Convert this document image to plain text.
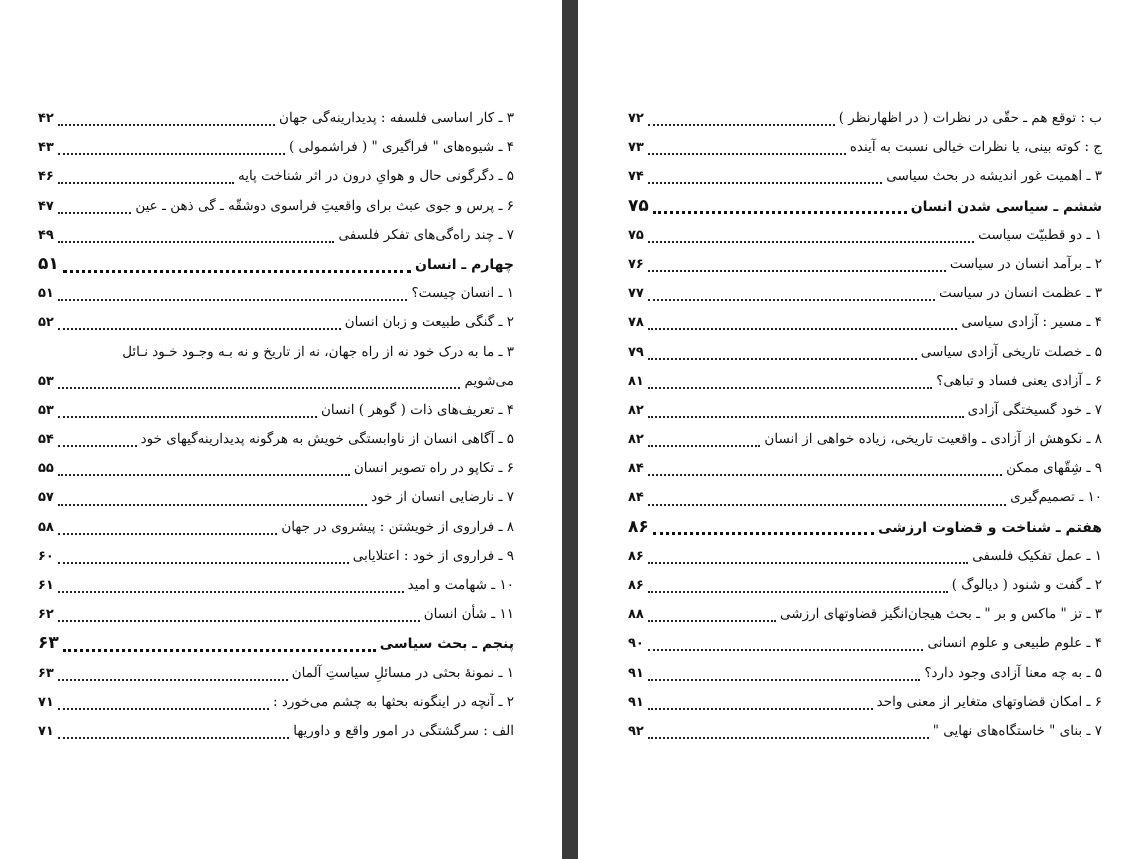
۳ ـ کار اساسی فلسفه : پدیدارینه‌گی جهان
۴۲
۴ ـ شیوه‌های " فراگیری " ( فراشمولی )
۴۳
۵ ـ دگرگونی حال و هوایِ درون در اثر شناخت پایه
۴۶
۶ ـ پرس و جوی عبث برای واقعیتِ فراسوی دوشقّه ـ گی ذهن ـ عین
۴۷
۷ ـ چند راه‌گی‌های تفکر فلسفی
۴۹
چهارم ـ انسان
۵۱
۱ ـ انسان چیست؟
۵۱
۲ ـ گنگی طبیعت و زبان انسان
۵۲
۳ ـ ما به درک خود نه از راه جهان، نه از تاریخ و نه بـه وجـود خـود نـائل
می‌شویم
۵۳
۴ ـ تعریف‌های ذات ( گوهر ) انسان
۵۳
۵ ـ آگاهی انسان از ناوابستگی خویش به هرگونه پدیدارینه‌گیهای خود
۵۴
۶ ـ تکاپو در راه تصویر انسان
۵۵
۷ ـ نارضایی انسان از خود
۵۷
۸ ـ فراروی از خویشتن : پیشروی در جهان
۵۸
۹ ـ فراروی از خود : اعتلایابی
۶۰
۱۰ ـ شهامت و امید
۶۱
۱۱ ـ شأن انسان
۶۲
پنجم ـ بحث سیاسی
۶۳
۱ ـ نمونهٔ بحثی در مسائلِ سیاستِ آلمان
۶۳
۲ ـ آنچه در اینگونه بحثها به چشم می‌خورد :
۷۱
الف : سرگشتگی در امور واقع و داوریها
۷۱
ب : توقع هم ـ حقّی در نظرات ( در اظهارنظر )
۷۲
ج : کوته بینی، یا نظرات خیالی نسبت به آینده
۷۳
۳ ـ اهمیت غور اندیشه در بحث سیاسی
۷۴
ششم ـ سیاسی شدن انسان
۷۵
۱ ـ دو قطبیّت سیاست
۷۵
۲ ـ برآمد انسان در سیاست
۷۶
۳ ـ عظمت انسان در سیاست
۷۷
۴ ـ مسیر : آزادی سیاسی
۷۸
۵ ـ خصلت تاریخی آزادی سیاسی
۷۹
۶ ـ آزادی یعنی فساد و تباهی؟
۸۱
۷ ـ خود گسیختگی آزادی
۸۲
۸ ـ نکوهش از آزادی ـ واقعیت تاریخی، زیاده خواهی از انسان
۸۲
۹ ـ شِقّهای ممکن
۸۴
۱۰ ـ تصمیم‌گیری
۸۴
هفتم ـ شناخت و قضاوت ارزشی
۸۶
۱ ـ عمل تفکیک فلسفی
۸۶
۲ ـ گفت و شنود ( دیالوگ )
۸۶
۳ ـ تز " ماکس و بر " ـ بحث هیجان‌انگیز قضاوتهای ارزشی
۸۸
۴ ـ علوم طبیعی و علوم انسانی
۹۰
۵ ـ به چه معنا آزادی وجود دارد؟
۹۱
۶ ـ امکان قضاوتهای متغایر از معنی واحد
۹۱
۷ ـ بنای " خاستگاه‌های نهایی "
۹۲
